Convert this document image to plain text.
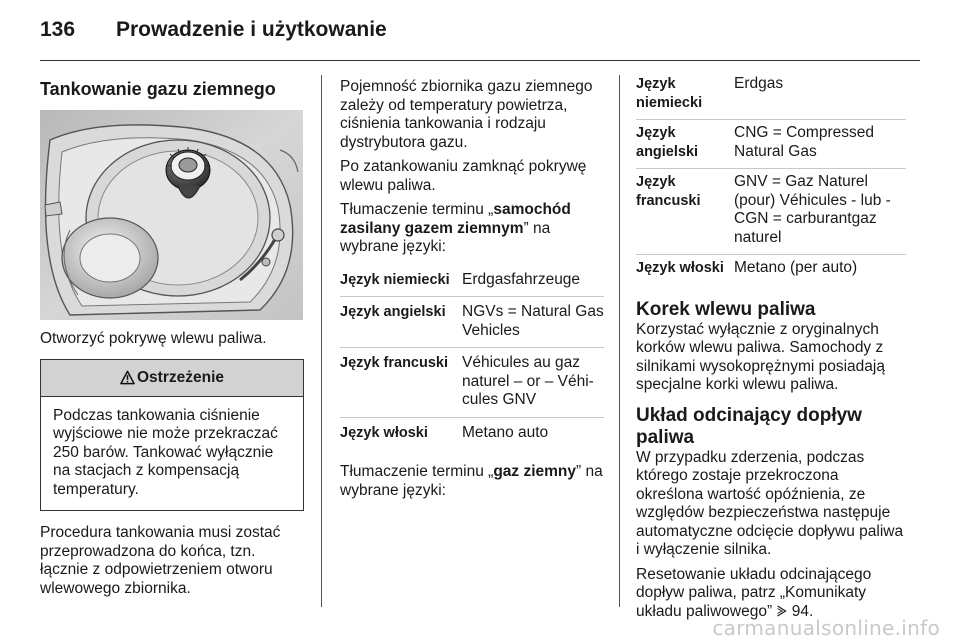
136 Prowadzenie i użytkowanie

Tankowanie gazu ziemnego

Otworzyć pokrywę wlewu paliwa.

Ostrzeżenie
Podczas tankowania ciśnienie wyjściowe nie może przekraczać 250 barów. Tankować wyłącznie na stacjach z kompensacją temperatury.

Procedura tankowania musi zostać przeprowadzona do końca, tzn. łącznie z odpowietrzeniem otworu wlewowego zbiornika.

Pojemność zbiornika gazu ziemnego zależy od temperatury powietrza, ciśnienia tankowania i rodzaju dystrybutora gazu.

Po zatankowaniu zamknąć pokrywę wlewu paliwa.

Tłumaczenie terminu „samochód zasilany gazem ziemnym” na wybrane języki:

Język niemiecki	Erdgasfahrzeuge
Język angielski	NGVs = Natural Gas Vehicles
Język francuski	Véhicules au gaz naturel – or – Véhi-cules GNV
Język włoski	Metano auto

Tłumaczenie terminu „gaz ziemny” na wybrane języki:

Język niemiecki	Erdgas
Język angielski	CNG = Compressed Natural Gas
Język francuski	GNV = Gaz Naturel (pour) Véhicules - lub - CGN = carburantgaz naturel
Język włoski	Metano (per auto)

Korek wlewu paliwa

Korzystać wyłącznie z oryginalnych korków wlewu paliwa. Samochody z silnikami wysokoprężnymi posiadają specjalne korki wlewu paliwa.

Układ odcinający dopływ paliwa

W przypadku zderzenia, podczas którego zostaje przekroczona określona wartość opóźnienia, ze względów bezpieczeństwa następuje automatyczne odcięcie dopływu paliwa i wyłączenie silnika.

Resetowanie układu odcinającego dopływ paliwa, patrz „Komunikaty układu paliwowego”  94.

carmanualsonline.info
